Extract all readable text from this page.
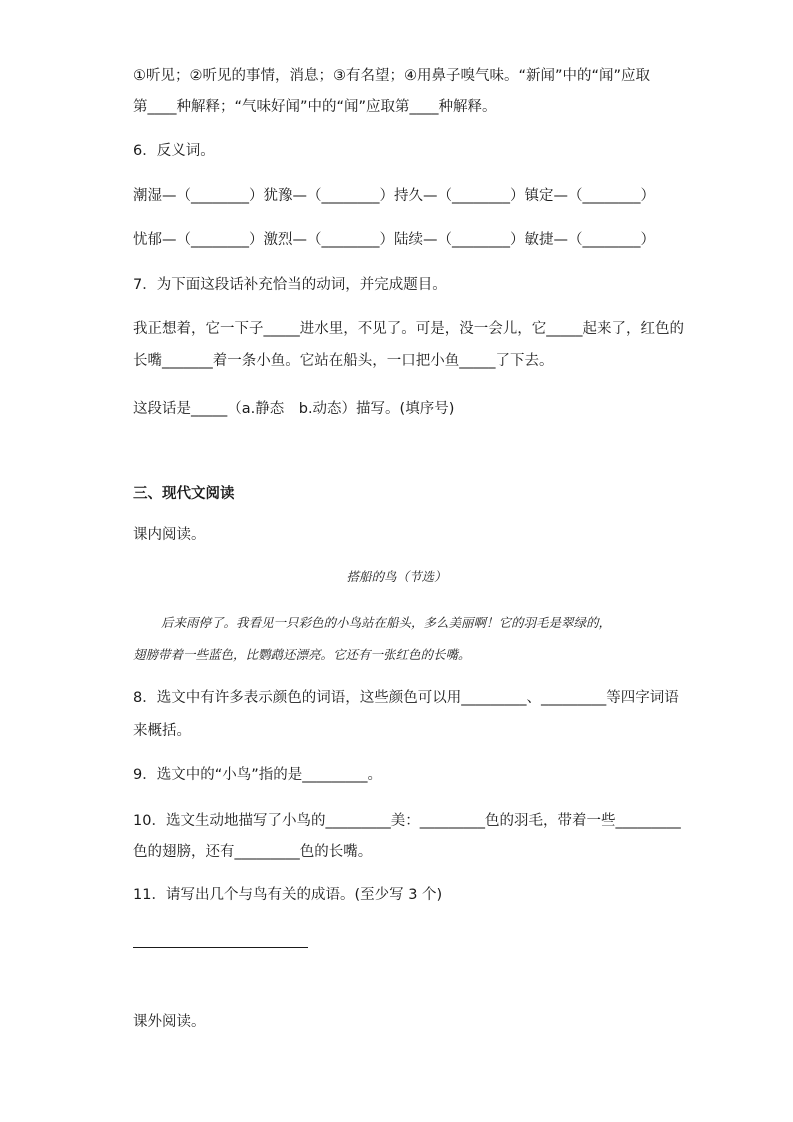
①听见；②听见的事情，消息；③有名望；④用鼻子嗅气味。“新闻”中的“闻”应取
第____种解释；“气味好闻”中的“闻”应取第____种解释。
6．反义词。
潮湿—（________）犹豫—（________）持久—（________）镇定—（________）
忧郁—（________）激烈—（________）陆续—（________）敏捷—（________）
7．为下面这段话补充恰当的动词，并完成题目。
我正想着，它一下子_____进水里，不见了。可是，没一会儿，它_____起来了，红色的
长嘴_______着一条小鱼。它站在船头，一口把小鱼_____了下去。
这段话是_____（a.静态　b.动态）描写。(填序号)
三、现代文阅读
课内阅读。
搭船的鸟（节选）
后来雨停了。我看见一只彩色的小鸟站在船头，多么美丽啊！它的羽毛是翠绿的，
翅膀带着一些蓝色，比鹦鹉还漂亮。它还有一张红色的长嘴。
8．选文中有许多表示颜色的词语，这些颜色可以用_________、_________等四字词语
来概括。
9．选文中的“小鸟”指的是_________。
10．选文生动地描写了小鸟的_________美：_________色的羽毛，带着一些_________
色的翅膀，还有_________色的长嘴。
11．请写出几个与鸟有关的成语。(至少写 3 个)
课外阅读。
